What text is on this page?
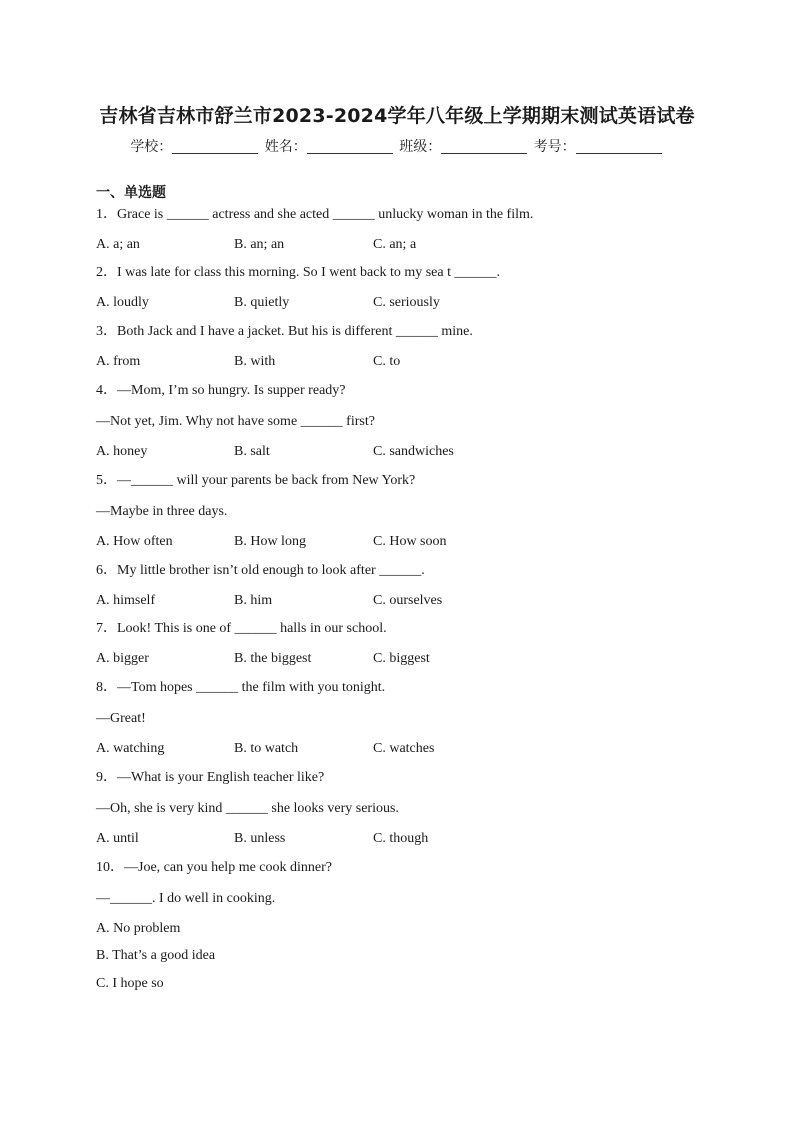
吉林省吉林市舒兰市2023-2024学年八年级上学期期末测试英语试卷
学校：	姓名：	班级：	考号：
一、单选题
1．Grace is ______ actress and she acted ______ unlucky woman in the film.
A. a; an	B. an; an	C. an; a
2．I was late for class this morning. So I went back to my sea t ______.
A. loudly	B. quietly	C. seriously
3．Both Jack and I have a jacket. But his is different ______ mine.
A. from	B. with	C. to
4．—Mom, I’m so hungry. Is supper ready?
—Not yet, Jim. Why not have some ______ first?
A. honey	B. salt	C. sandwiches
5．—______ will your parents be back from New York?
—Maybe in three days.
A. How often	B. How long	C. How soon
6．My little brother isn’t old enough to look after ______.
A. himself	B. him	C. ourselves
7．Look! This is one of ______ halls in our school.
A. bigger	B. the biggest	C. biggest
8．—Tom hopes ______ the film with you tonight.
—Great!
A. watching	B. to watch	C. watches
9．—What is your English teacher like?
—Oh, she is very kind ______ she looks very serious.
A. until	B. unless	C. though
10．—Joe, can you help me cook dinner?
—______. I do well in cooking.
A. No problem
B. That’s a good idea
C. I hope so
